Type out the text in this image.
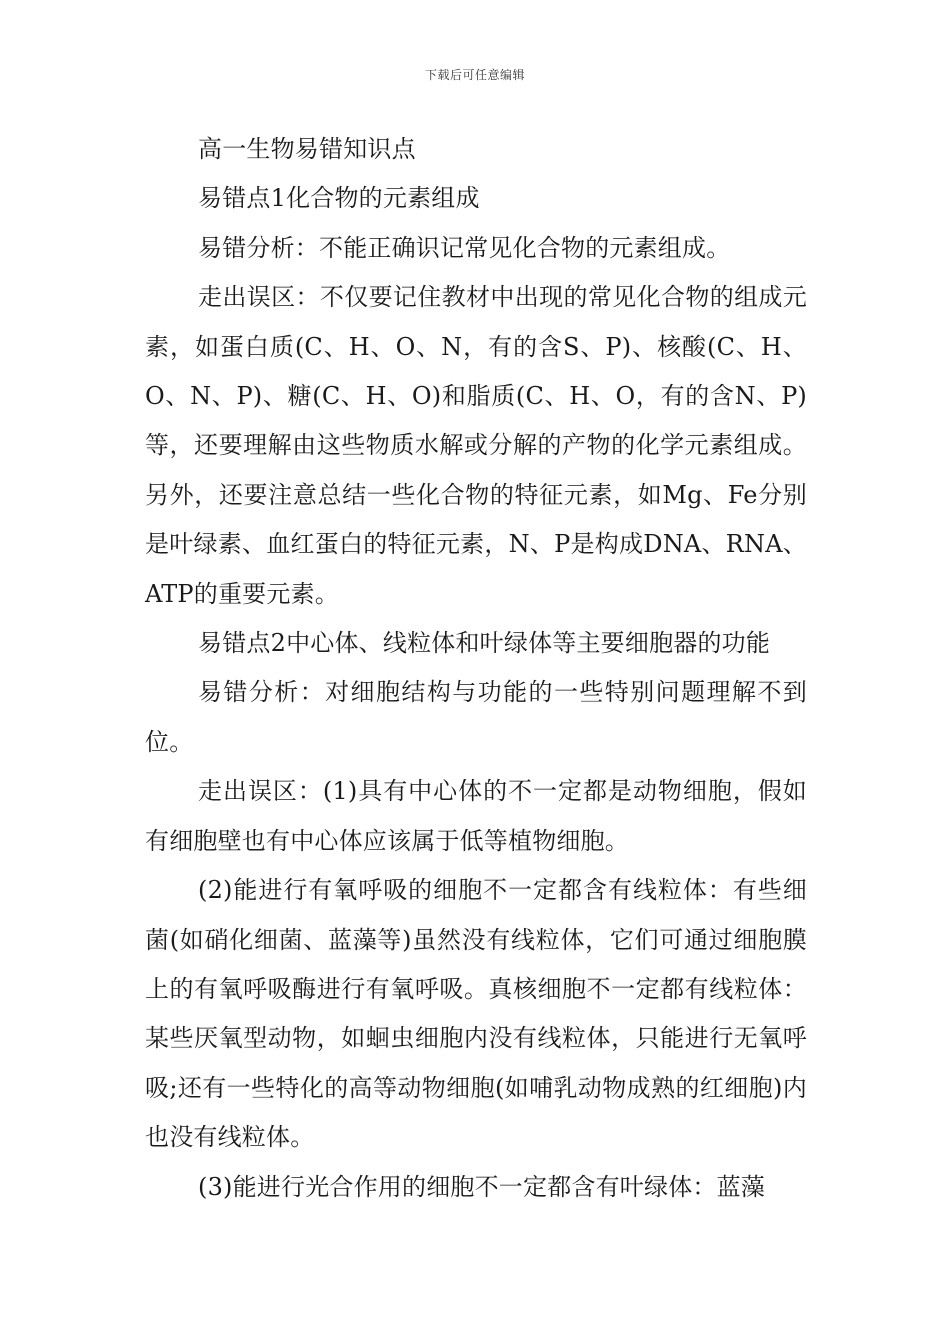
下载后可任意编辑

高一生物易错知识点

易错点1化合物的元素组成

易错分析：不能正确识记常见化合物的元素组成。

走出误区：不仅要记住教材中出现的常见化合物的组成元素，如蛋白质(C、H、O、N，有的含S、P)、核酸(C、H、O、N、P)、糖(C、H、O)和脂质(C、H、O，有的含N、P)等，还要理解由这些物质水解或分解的产物的化学元素组成。另外，还要注意总结一些化合物的特征元素，如Mg、Fe分别是叶绿素、血红蛋白的特征元素，N、P是构成DNA、RNA、ATP的重要元素。

易错点2中心体、线粒体和叶绿体等主要细胞器的功能

易错分析：对细胞结构与功能的一些特别问题理解不到位。

走出误区：(1)具有中心体的不一定都是动物细胞，假如有细胞壁也有中心体应该属于低等植物细胞。

(2)能进行有氧呼吸的细胞不一定都含有线粒体：有些细菌(如硝化细菌、蓝藻等)虽然没有线粒体，它们可通过细胞膜上的有氧呼吸酶进行有氧呼吸。真核细胞不一定都有线粒体：某些厌氧型动物，如蛔虫细胞内没有线粒体，只能进行无氧呼吸;还有一些特化的高等动物细胞(如哺乳动物成熟的红细胞)内也没有线粒体。

(3)能进行光合作用的细胞不一定都含有叶绿体：蓝藻
